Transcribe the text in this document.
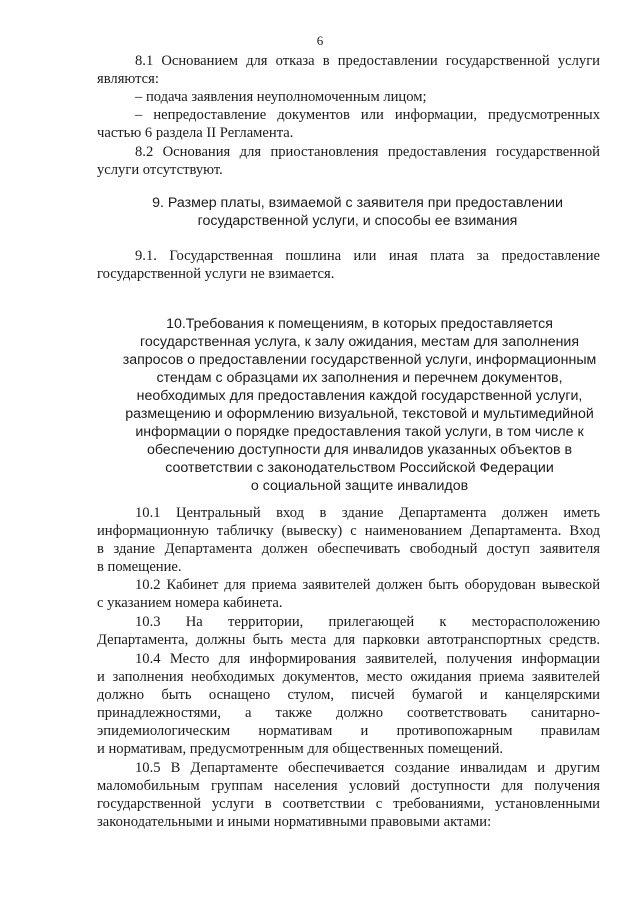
6
8.1 Основанием для отказа в предоставлении государственной услуги
являются:
– подача заявления неуполномоченным лицом;
– непредоставление документов или информации, предусмотренных
частью 6 раздела II Регламента.
8.2 Основания для приостановления предоставления государственной
услуги отсутствуют.
9. Размер платы, взимаемой с заявителя при предоставлении
государственной услуги, и способы ее взимания
9.1. Государственная пошлина или иная плата за предоставление
государственной услуги не взимается.
10.Требования к помещениям, в которых предоставляется
государственная услуга, к залу ожидания, местам для заполнения
запросов о предоставлении государственной услуги, информационным
стендам с образцами их заполнения и перечнем документов,
необходимых для предоставления каждой государственной услуги,
размещению и оформлению визуальной, текстовой и мультимедийной
информации о порядке предоставления такой услуги, в том числе к
обеспечению доступности для инвалидов указанных объектов в
соответствии с законодательством Российской Федерации
о социальной защите инвалидов
10.1 Центральный вход в здание Департамента должен иметь
информационную табличку (вывеску) с наименованием Департамента. Вход
в здание Департамента должен обеспечивать свободный доступ заявителя
в помещение.
10.2 Кабинет для приема заявителей должен быть оборудован вывеской
с указанием номера кабинета.
10.3 На территории, прилегающей к месторасположению
Департамента, должны быть места для парковки автотранспортных средств.
10.4 Место для информирования заявителей, получения информации
и заполнения необходимых документов, место ожидания приема заявителей
должно быть оснащено стулом, писчей бумагой и канцелярскими
принадлежностями, а также должно соответствовать санитарно-
эпидемиологическим нормативам и противопожарным правилам
и нормативам, предусмотренным для общественных помещений.
10.5 В Департаменте обеспечивается создание инвалидам и другим
маломобильным группам населения условий доступности для получения
государственной услуги в соответствии с требованиями, установленными
законодательными и иными нормативными правовыми актами:
